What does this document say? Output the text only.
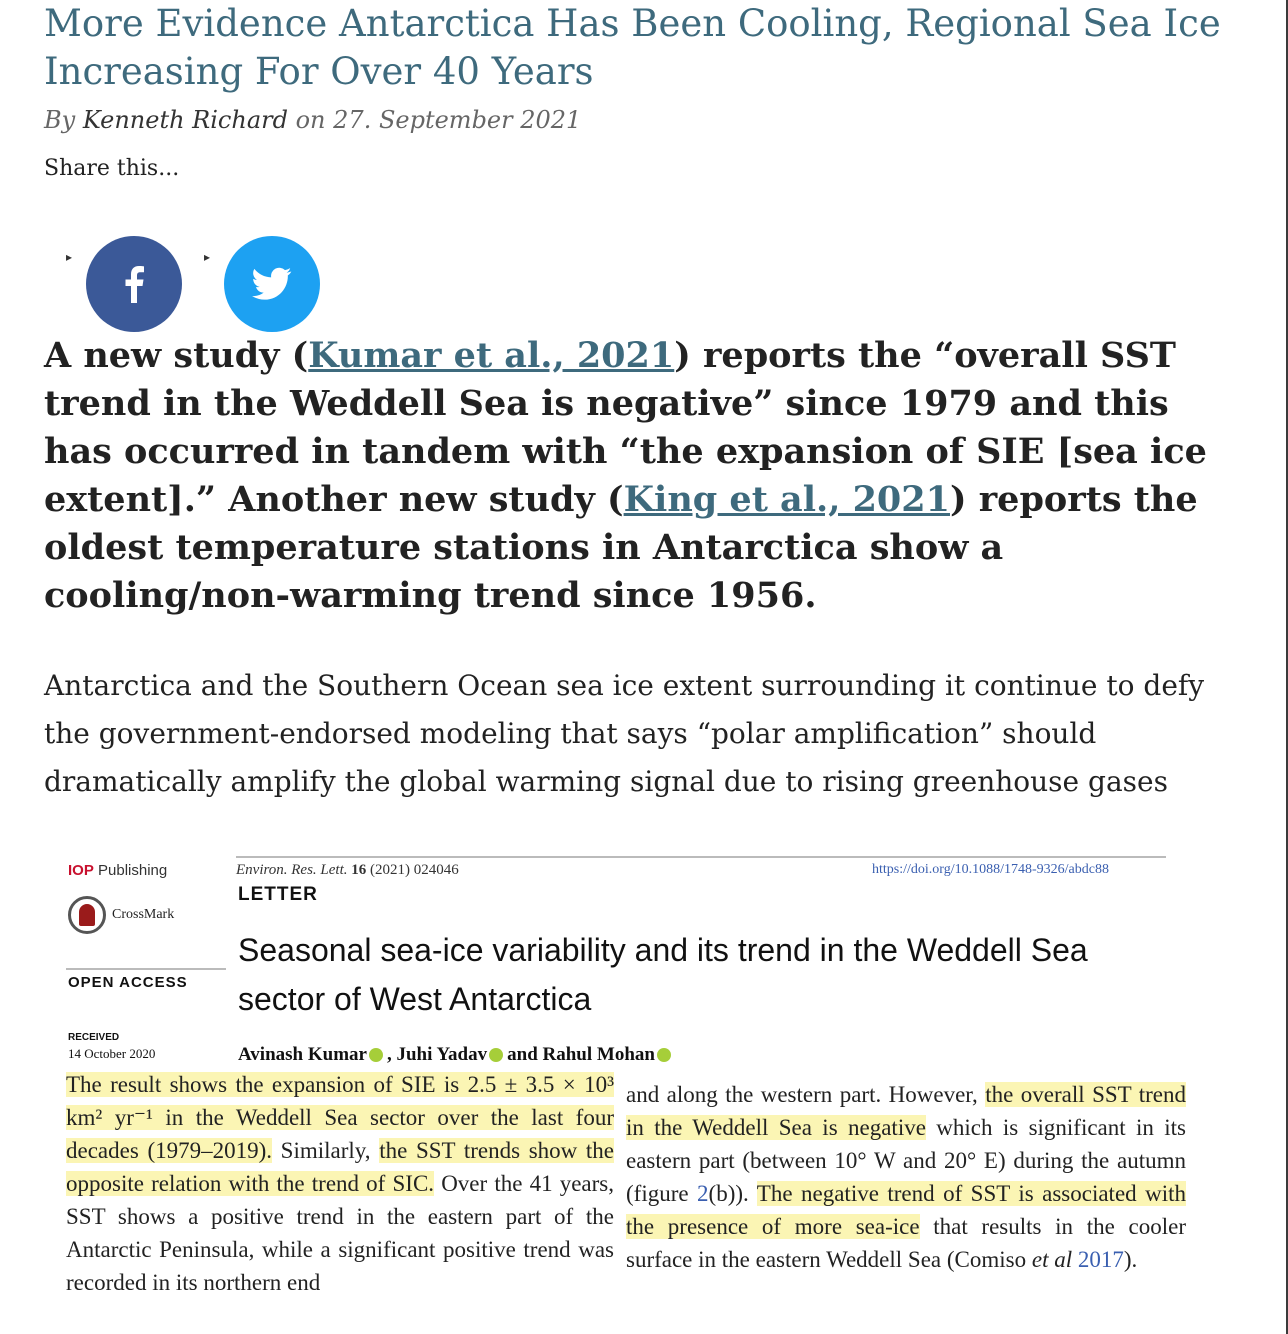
More Evidence Antarctica Has Been Cooling, Regional Sea Ice Increasing For Over 40 Years
By Kenneth Richard on 27. September 2021
Share this...
▸	▸

A new study (Kumar et al., 2021) reports the “overall SST trend in the Weddell Sea is negative” since 1979 and this has occurred in tandem with “the expansion of SIE [sea ice extent].” Another new study (King et al., 2021) reports the oldest temperature stations in Antarctica show a cooling/non-warming trend since 1956.

Antarctica and the Southern Ocean sea ice extent surrounding it continue to defy the government-endorsed modeling that says “polar amplification” should dramatically amplify the global warming signal due to rising greenhouse gases

IOP Publishing	Environ. Res. Lett. 16 (2021) 024046	https://doi.org/10.1088/1748-9326/abdc88
LETTER
CrossMark
OPEN ACCESS
Seasonal sea-ice variability and its trend in the Weddell Sea sector of West Antarctica
RECEIVED
14 October 2020	Avinash Kumar , Juhi Yadav and Rahul Mohan

The result shows the expansion of SIE is 2.5 ± 3.5 × 10³ km² yr⁻¹ in the Weddell Sea sector over the last four decades (1979–2019). Similarly, the SST trends show the opposite relation with the trend of SIC. Over the 41 years, SST shows a positive trend in the eastern part of the Antarctic Peninsula, while a significant positive trend was recorded in its northern end

and along the western part. However, the overall SST trend in the Weddell Sea is negative which is significant in its eastern part (between 10° W and 20° E) during the autumn (figure 2(b)). The negative trend of SST is associated with the presence of more sea-ice that results in the cooler surface in the eastern Weddell Sea (Comiso et al 2017).
